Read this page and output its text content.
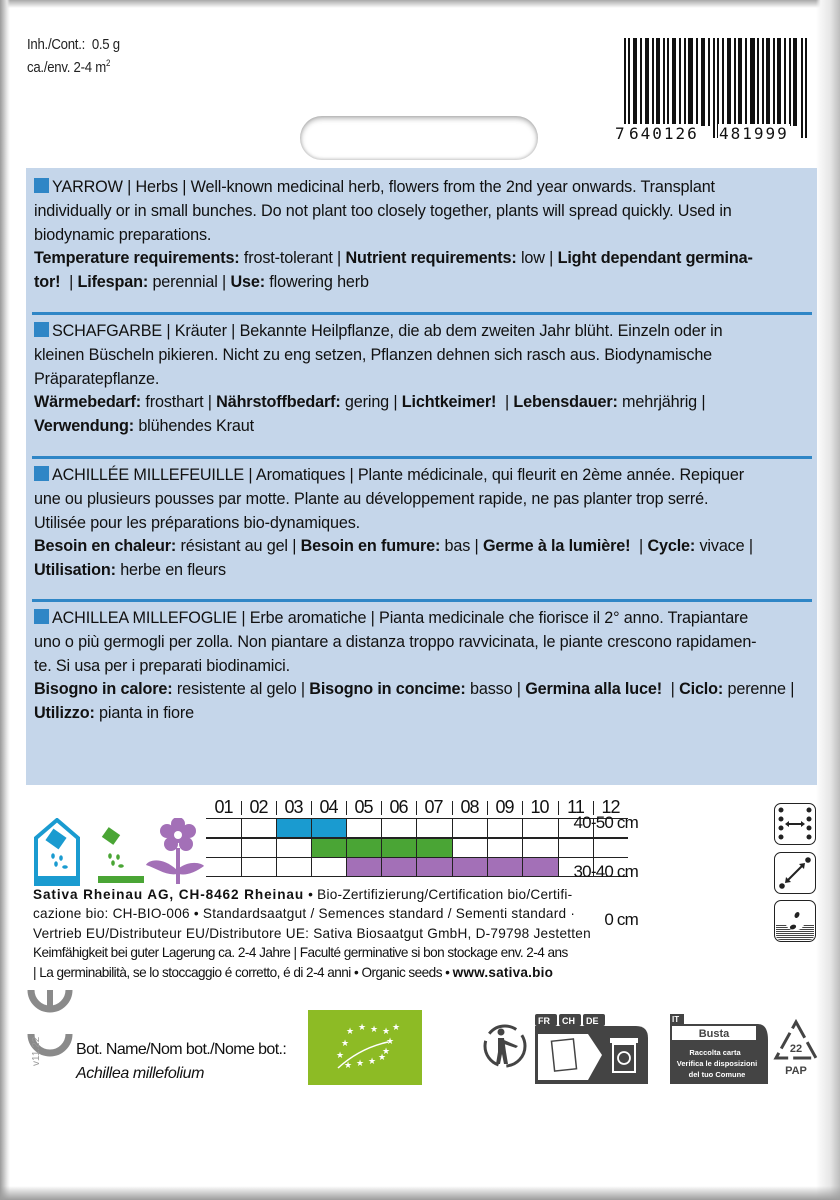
Inh./Cont.: 0.5 g
ca./env. 2-4 $m^2$
7 640126 481999
YARROW | Herbs | Well-known medicinal herb, flowers from the 2nd year onwards. Transplant
individually or in small bunches. Do not plant too closely together, plants will spread quickly. Used in
biodynamic preparations.
Temperature requirements: frost-tolerant | Nutrient requirements: low | Light dependant germina-
tor!  | Lifespan: perennial | Use: flowering herb
SCHAFGARBE | Kräuter | Bekannte Heilpflanze, die ab dem zweiten Jahr blüht. Einzeln oder in
kleinen Büscheln pikieren. Nicht zu eng setzen, Pflanzen dehnen sich rasch aus. Biodynamische
Präparatepflanze.
Wärmebedarf: frosthart | Nährstoffbedarf: gering | Lichtkeimer!  | Lebensdauer: mehrjährig |
Verwendung: blühendes Kraut
ACHILLÉE MILLEFEUILLE | Aromatiques | Plante médicinale, qui fleurit en 2ème année. Repiquer
une ou plusieurs pousses par motte. Plante au développement rapide, ne pas planter trop serré.
Utilisée pour les préparations bio-dynamiques.
Besoin en chaleur: résistant au gel | Besoin en fumure: bas | Germe à la lumière!  | Cycle: vivace |
Utilisation: herbe en fleurs
ACHILLEA MILLEFOGLIE | Erbe aromatiche | Pianta medicinale che fiorisce il 2° anno. Trapiantare
uno o più germogli per zolla. Non piantare a distanza troppo ravvicinata, le piante crescono rapidamen-
te. Si usa per i preparati biodinamici.
Bisogno in calore: resistente al gelo | Bisogno in concime: basso | Germina alla luce!  | Ciclo: perenne |
Utilizzo: pianta in fiore
01 02 03 04 05 06 07 08 09 10	11 12
40-50 cm
30-40 cm
0 cm
Sativa Rheinau AG, CH-8462 Rheinau • Bio-Zertifizierung/Certification bio/Certifi-
cazione bio: CH-BIO-006 • Standardsaatgut / Semences standard / Sementi standard ·
Vertrieb EU/Distributeur EU/Distributore UE: Sativa Biosaatgut GmbH, D-79798 Jestetten
Keimfähigkeit bei guter Lagerung ca. 2-4 Jahre | Faculté germinative si bon stockage env. 2-4 ans
| La germinabilità, se lo stoccaggio é corretto, é di 2-4 anni • Organic seeds • www.sativa.bio
v11.22 Bot. Name/Nom bot./Nome bot.:
Achillea millefolium
★ ★ ★ ★ ★
★
★
★
★
★ ★ ★ ★
FR CH DE	IT
Busta
Raccolta carta
Verifica le disposizioni
del tuo Comune
22
PAP
